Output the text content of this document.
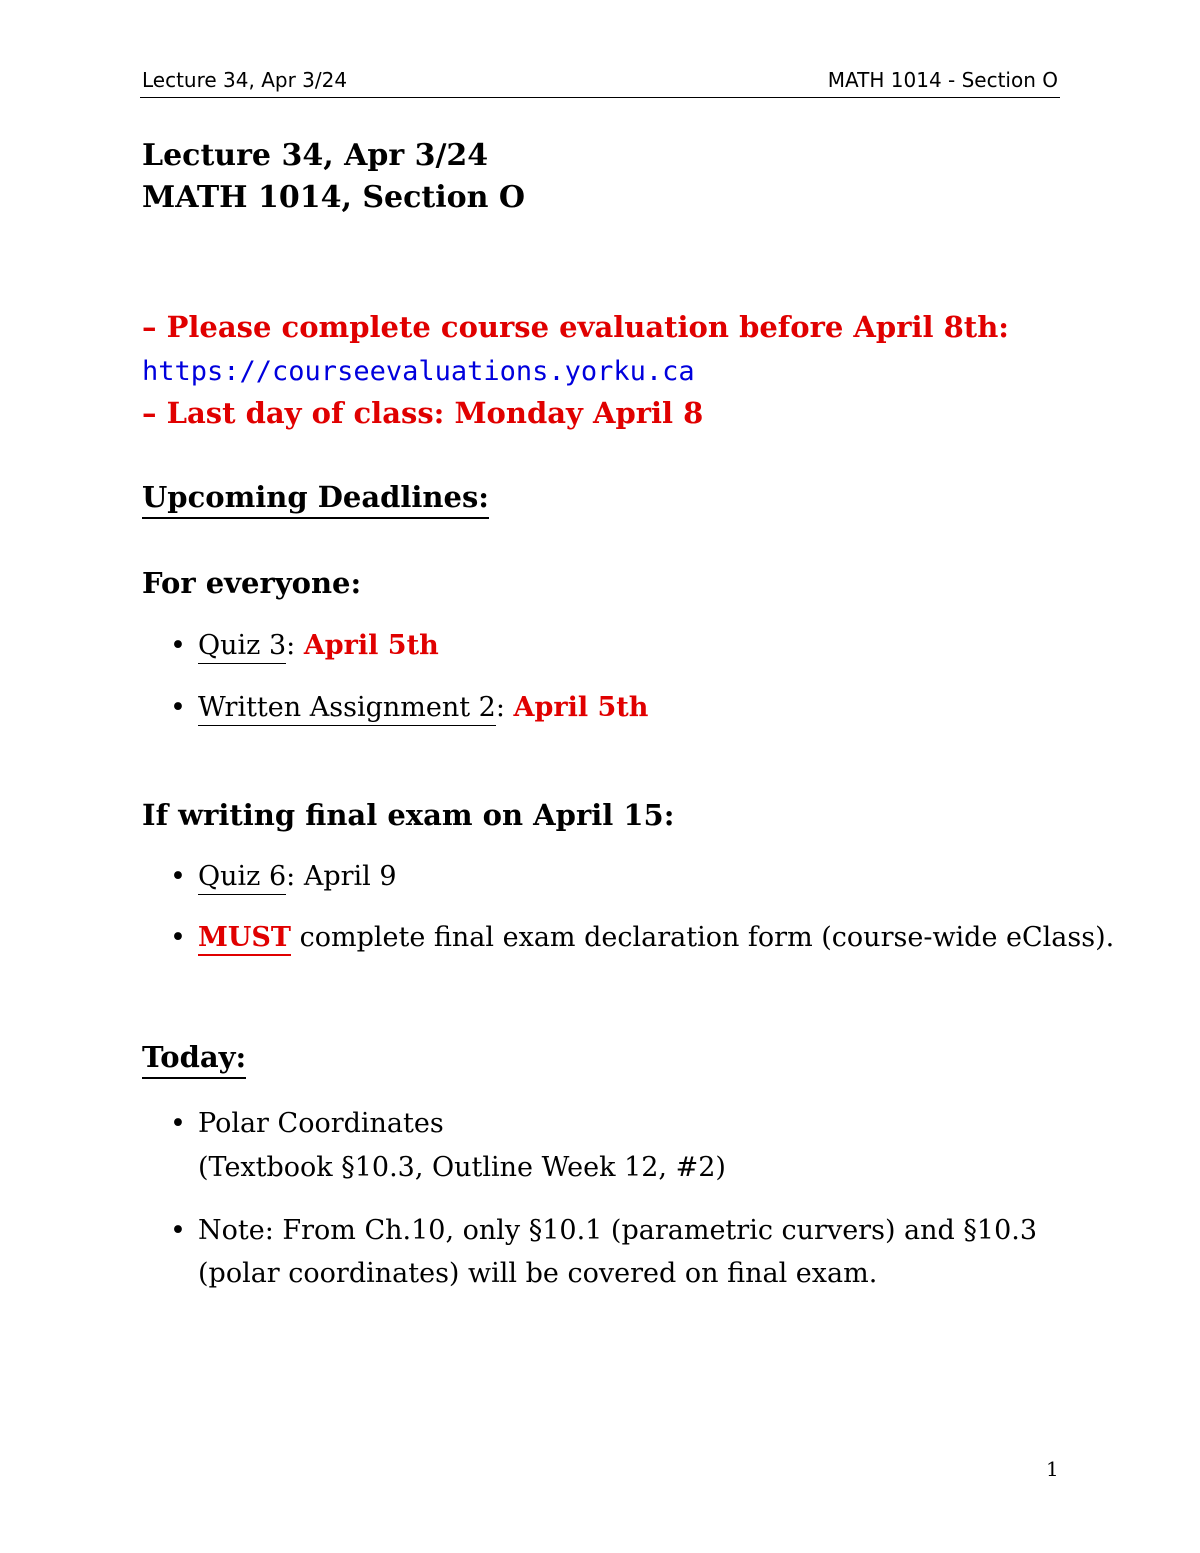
Lecture 34, Apr 3/24	MATH 1014 - Section O
Lecture 34, Apr 3/24
MATH 1014, Section O
– Please complete course evaluation before April 8th:
https://courseevaluations.yorku.ca
– Last day of class: Monday April 8
Upcoming Deadlines:
For everyone:
• Quiz 3: April 5th
• Written Assignment 2: April 5th
If writing final exam on April 15:
• Quiz 6: April 9
• MUST complete final exam declaration form (course-wide eClass).
Today:
• Polar Coordinates
(Textbook §10.3, Outline Week 12, #2)
• Note: From Ch.10, only §10.1 (parametric curvers) and §10.3
(polar coordinates) will be covered on final exam.
1
